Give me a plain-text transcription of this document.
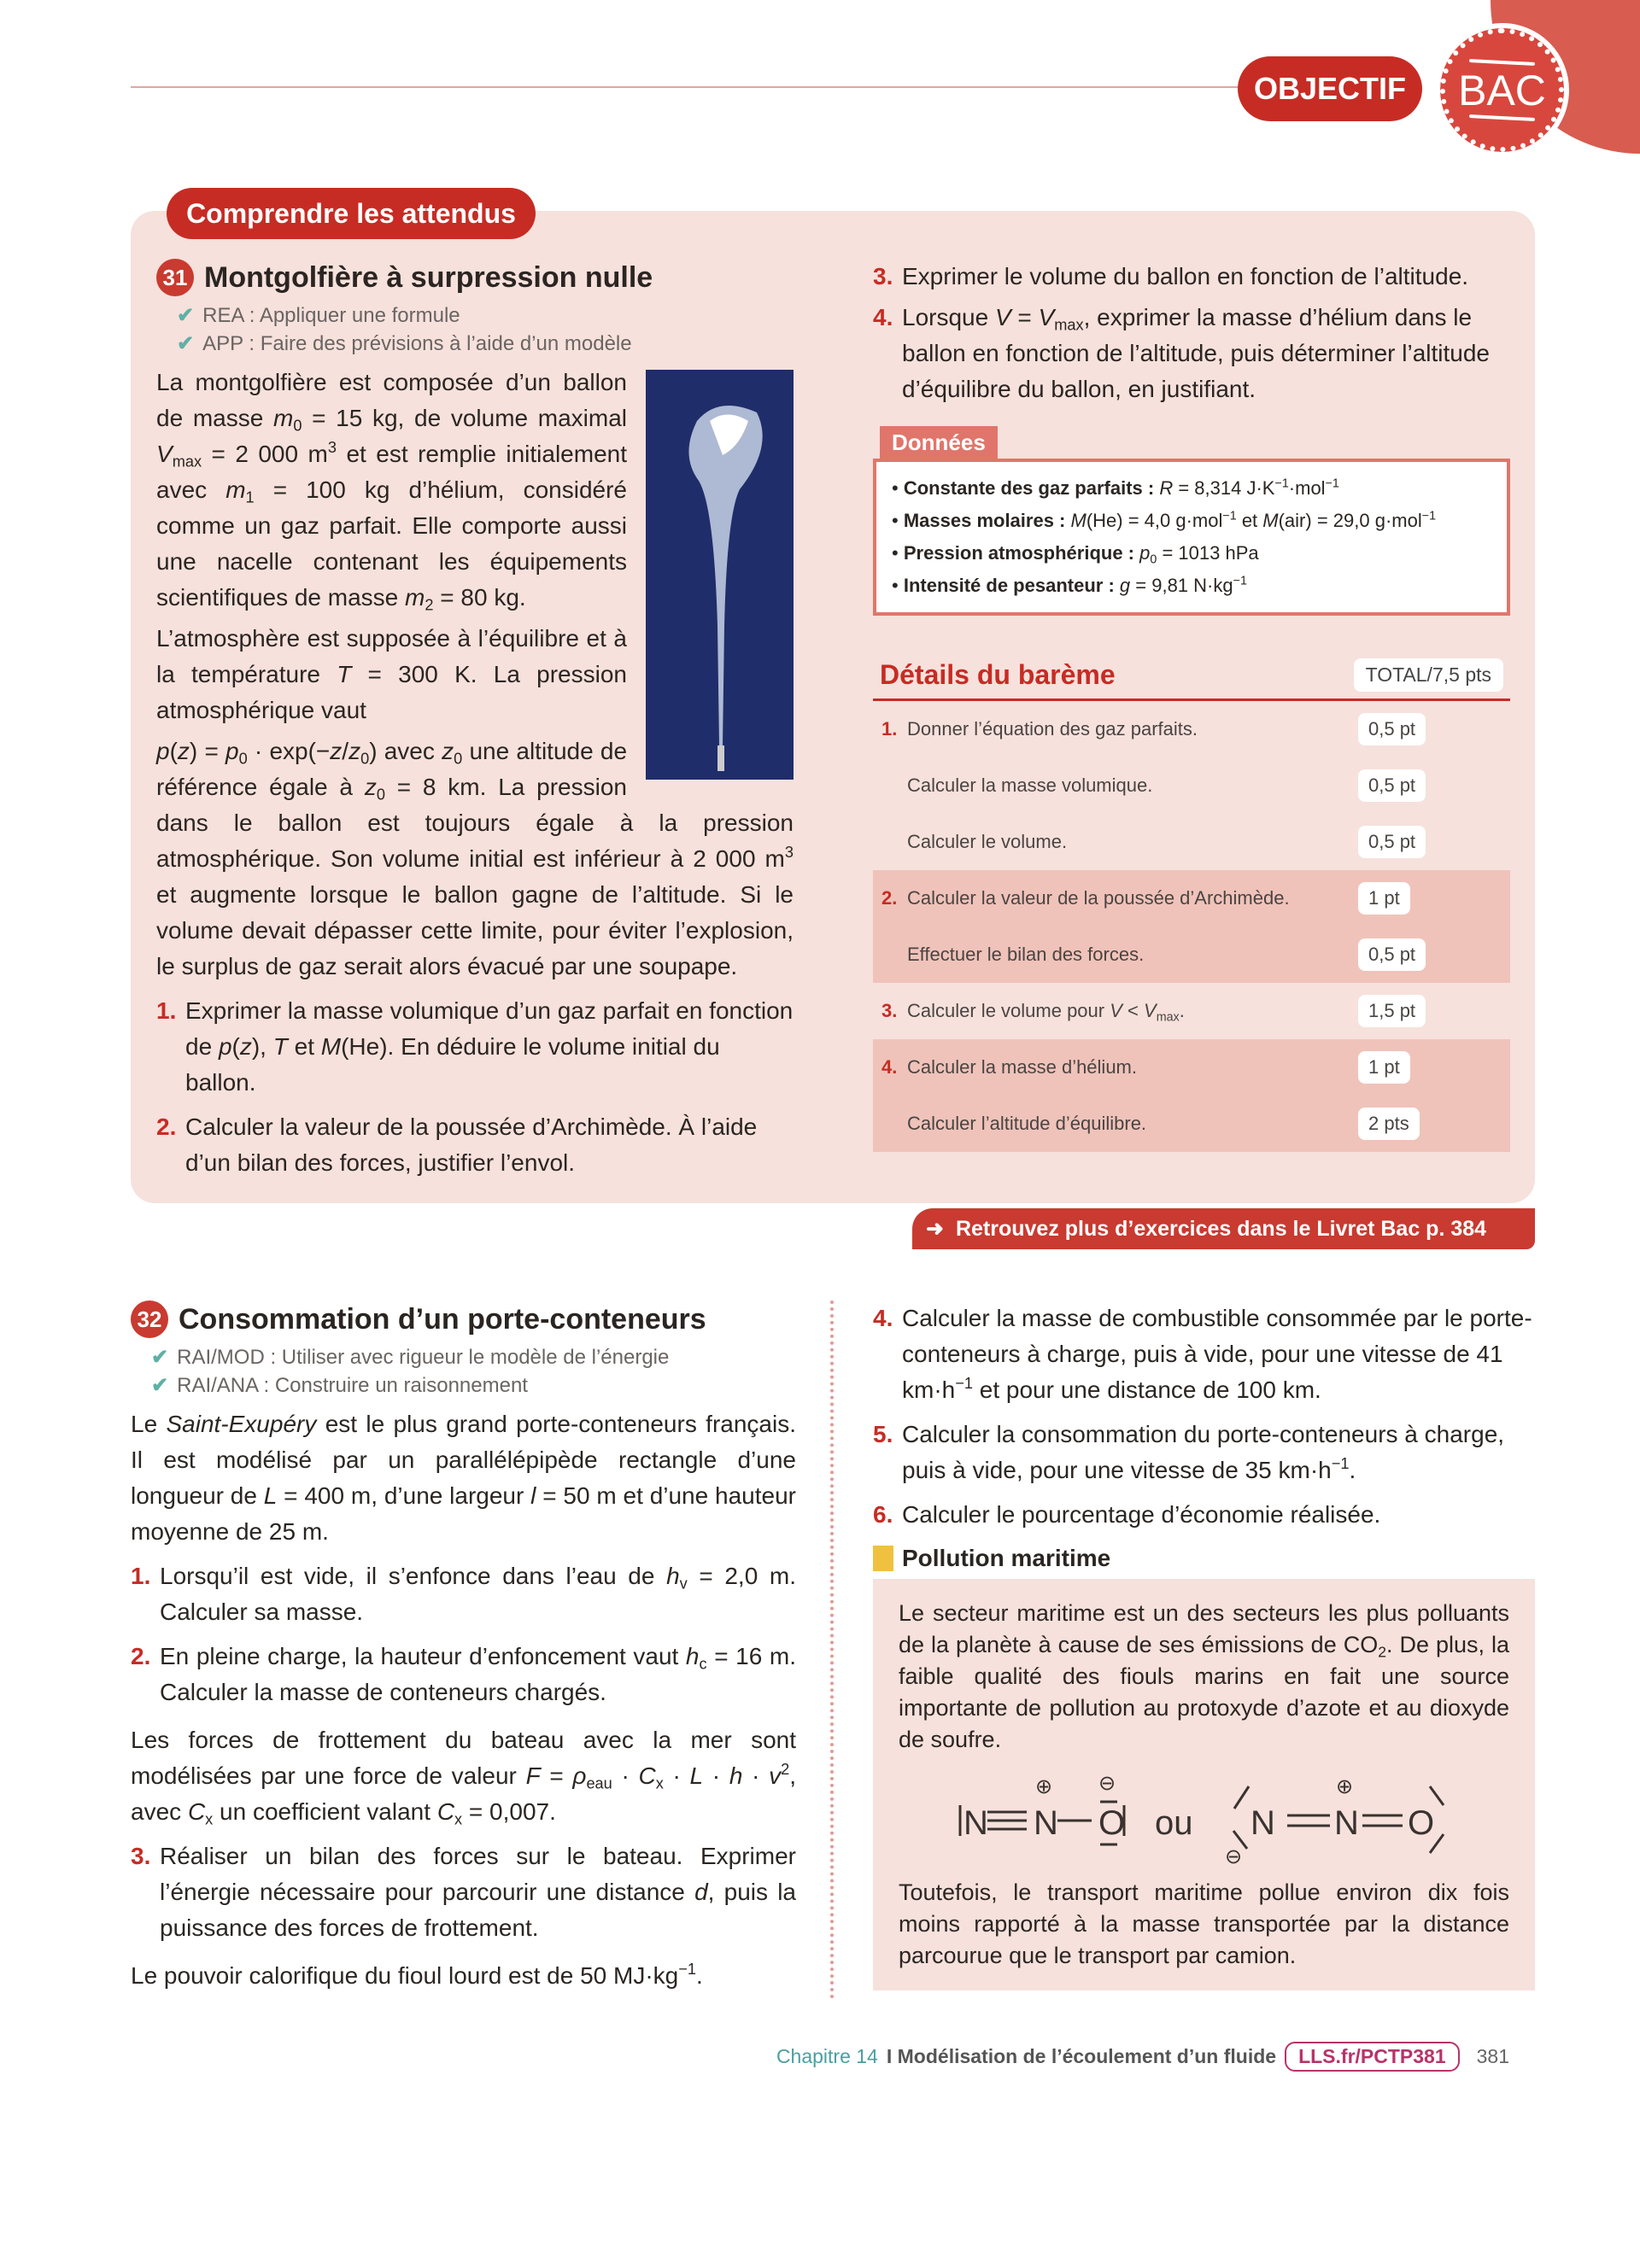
OBJECTIF	BAC
Comprendre les attendus
31 Montgolfière à surpression nulle
✔ REA : Appliquer une formule
✔ APP : Faire des prévisions à l’aide d’un modèle

La montgolfière est composée d’un ballon de masse $m_0 = 15$ kg, de volume maximal $V_{max} = 2$ 000 $m^3$ et est remplie initialement avec $m_1 = 100$ kg d’hélium, considéré comme un gaz parfait. Elle comporte aussi une nacelle contenant les équipements scientifiques de masse $m_2 = 80$ kg.

L’atmosphère est supposée à l’équilibre et à la température T = 300 K. La pression atmosphérique vaut

$p(z) = p_0 \cdot \exp(-z/z_0)$ avec $z_0$ une altitude de référence égale à $z_0 = 8$ km. La pression dans le ballon est toujours égale à la pression atmosphérique. Son volume initial est inférieur à 2 000 $m^3$ et augmente lorsque le ballon gagne de l’altitude. Si le volume devait dépasser cette limite, pour éviter l’explosion, le surplus de gaz serait alors évacué par une soupape.

1. Exprimer la masse volumique d’un gaz parfait en fonction de p(z), T et M(He). En déduire le volume initial du ballon.
2. Calculer la valeur de la poussée d’Archimède. À l’aide d’un bilan des forces, justifier l’envol.
3. Exprimer le volume du ballon en fonction de l’altitude.
4. Lorsque $V = V_{max}$, exprimer la masse d’hélium dans le ballon en fonction de l’altitude, puis déterminer l’altitude d’équilibre du ballon, en justifiant.
Données
• Constante des gaz parfaits : R = 8,314 $J\cdot K^{-1}\cdot mol^{-1}$
• Masses molaires : M(He) = 4,0 g·mol$^{-1}$ et M(air) = 29,0 g·mol$^{-1}$
• Pression atmosphérique : $p_0 = 1013$ hPa
• Intensité de pesanteur : g = 9,81 $N\cdot kg^{-1}$
Détails du barème	TOTAL/7,5 pts
1. Donner l’équation des gaz parfaits.	0,5 pt
Calculer la masse volumique.	0,5 pt
Calculer le volume.	0,5 pt
2. Calculer la valeur de la poussée d’Archimède.	1 pt
Effectuer le bilan des forces.	0,5 pt
3. Calculer le volume pour $V < V_{max}$.	1,5 pt
4. Calculer la masse d’hélium.	1 pt
Calculer l’altitude d’équilibre.	2 pts
➜ Retrouvez plus d’exercices dans le Livret Bac p. 384
32 Consommation d’un porte-conteneurs
✔ RAI/MOD : Utiliser avec rigueur le modèle de l’énergie
✔ RAI/ANA : Construire un raisonnement

Le Saint-Exupéry est le plus grand porte-conteneurs français. Il est modélisé par un parallélépipède rectangle d’une longueur de L = 400 m, d’une largeur l = 50 m et d’une hauteur moyenne de 25 m.

1. Lorsqu’il est vide, il s’enfonce dans l’eau de $h_v = 2,0$ m. Calculer sa masse.
2. En pleine charge, la hauteur d’enfoncement vaut $h_c = 16$ m. Calculer la masse de conteneurs chargés.

Les forces de frottement du bateau avec la mer sont modélisées par une force de valeur $F = \rho_{eau} \cdot C_x \cdot L \cdot h \cdot v^2$, avec $C_x$ un coefficient valant $C_x = 0,007$.

3. Réaliser un bilan des forces sur le bateau. Exprimer l’énergie nécessaire pour parcourir une distance d, puis la puissance des forces de frottement.

Le pouvoir calorifique du fioul lourd est de 50 $MJ\cdot kg^{-1}$.

4. Calculer la masse de combustible consommée par le porte-conteneurs à charge, puis à vide, pour une vitesse de 41 $km\cdot h^{-1}$ et pour une distance de 100 km.
5. Calculer la consommation du porte-conteneurs à charge, puis à vide, pour une vitesse de 35 $km\cdot h^{-1}$.
6. Calculer le pourcentage d’économie réalisée.
Pollution maritime

Le secteur maritime est un des secteurs les plus polluants de la planète à cause de ses émissions de $CO_2$. De plus, la faible qualité des fiouls marins en fait une source importante de pollution au protoxyde d’azote et au dioxyde de soufre.

N N O ou N N O
⊕ ⊖	⊕
⊖

Toutefois, le transport maritime pollue environ dix fois moins rapporté à la masse transportée par la distance parcourue que le transport par camion.

Chapitre 14 I Modélisation de l’écoulement d’un fluide	LLS.fr/PCTP381	381
